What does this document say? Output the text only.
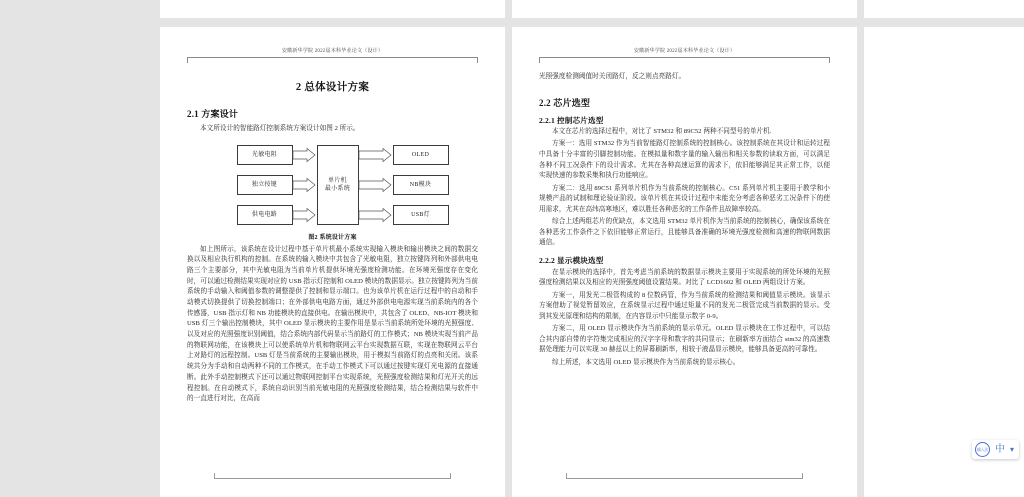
安徽新华学院 2022届本科毕业论文（设计）
2 总体设计方案
2.1 方案设计
本文所设计的智能路灯控制系统方案设计如图 2 所示。
光敏电阻
独立按键
供电电路
单片机
最小系统
OLED
NB模块
USB灯
图2 系统设计方案
如上图所示，该系统在设计过程中基于单片机最小系统实现输入模块和输出模块之间的数据交换以及相应执行机构的控制。在系统的输入模块中共包含了光敏电阻，独立按键阵列和外部供电电路三个主要部分，其中光敏电阻为当前单片机提供环境光强度检测功能。在环境光强度存在变化时，可以通过检测结果实现对应的 USB 指示灯控制和 OLED 模块的数据显示。独立按键阵列为当前系统的手动输入和阈值参数的调整提供了控制和显示端口。也为该单片机在运行过程中的自动和手动模式切换提供了切换控制端口；在外部供电电路方面，通过外部供电电源实现当前系统内的各个传感器，USB 指示灯和 NB 功能模块的直接供电。在输出模块中，共包含了 OLED、NB-IOT 模块和 USB 灯三个输出控制模块，其中 OLED 显示模块的主要作用是显示当前系统所处环境的光照强度、以及对应的光照强度识别阈值，结合系统内部代码显示当前路灯的工作模式；NB 模块实现当前产品的物联网功能，在该模块上可以使系统单片机和物联网云平台实现数据互联，实现在物联网云平台上对路灯的远程控制。USB 灯是当前系统的主要输出模块，用于模拟当前路灯的点亮和关闭。该系统共分为手动和自动两种不同的工作模式，在手动工作模式下可以通过按键实现灯光电源的直接通断。此外手动控制模式下还可以通过物联网控制平台实现系统，光照强度检测结果和灯光开关的远程控制。在自动模式下，系统自动识别当前光敏电阻的光照强度检测结果，结合检测结果与软件中的一直进行对比，在高而
安徽新华学院 2022届本科毕业论文（设计）
光照强度检测阈值时关闭路灯，反之则点亮路灯。
2.2 芯片选型
2.2.1 控制芯片选型
本文在芯片的选择过程中，对比了 STM32 和 89C52 两种不同型号的单片机.
方案一：选用 STM32 作为当前智能路灯控制系统的控制核心。该控制系统在其设计和运转过程中具备十分丰富的引脚控制功能。在模拟量和数字量的输入输出和相关参数的读取方面，可以满足各种不同工况条件下的设计需求。尤其在各种高速运算的需求下，依旧能够满足其正常工作，以便实现快速的参数采集和执行功能响应。
方案二：选用 89C51 系列单片机作为当前系统的控制核心。C51 系列单片机主要用于教学和小规模产品的试制和理论验证阶段。该单片机在其设计过程中未能充分考虑各种恶劣工况条件下的使用需求，尤其在高纬高寒地区，难以胜任各种恶劣的工作条件且故障率较高。
综合上述两组芯片的优缺点，本文选用 STM32 单片机作为当前系统的控制核心，确保该系统在各种恶劣工作条件之下依旧能够正常运行，且能够具备准确的环境光强度检测和高速的物联网数据通信。
2.2.2 显示模块选型
在显示模块的选择中，首先考虑当前系统的数据显示模块主要用于实现系统的所处环境的光照强度检测结果以及相应的光照强度阈值设置结果。对比了 LCD1602 和 OLED 两组设计方案。
方案一，用发光二极管构成的 8 位数码管，作为当前系统的检测结果和阈值显示模块。该显示方案借助了视觉暂留效应，在系统显示过程中通过矩量不同的发光二极管完成当前数据的显示。受到其发光原理和结构的限制，在内容显示中只能显示数字 0-9。
方案二，用 OLED 显示模块作为当前系统的显示单元。OLED 显示模块在工作过程中，可以结合其内部自带的字符集完成相应的汉字字母和数字的共同显示；在刷新率方面结合 stm32 的高速数据处理能力可以实现 30 赫兹以上的屏幕刷新率，相较于液晶显示模块，能够具备更高的可靠性。
综上所述，本文选用 OLED 显示模块作为当前系统的显示核心。
输入法 中 ▾
